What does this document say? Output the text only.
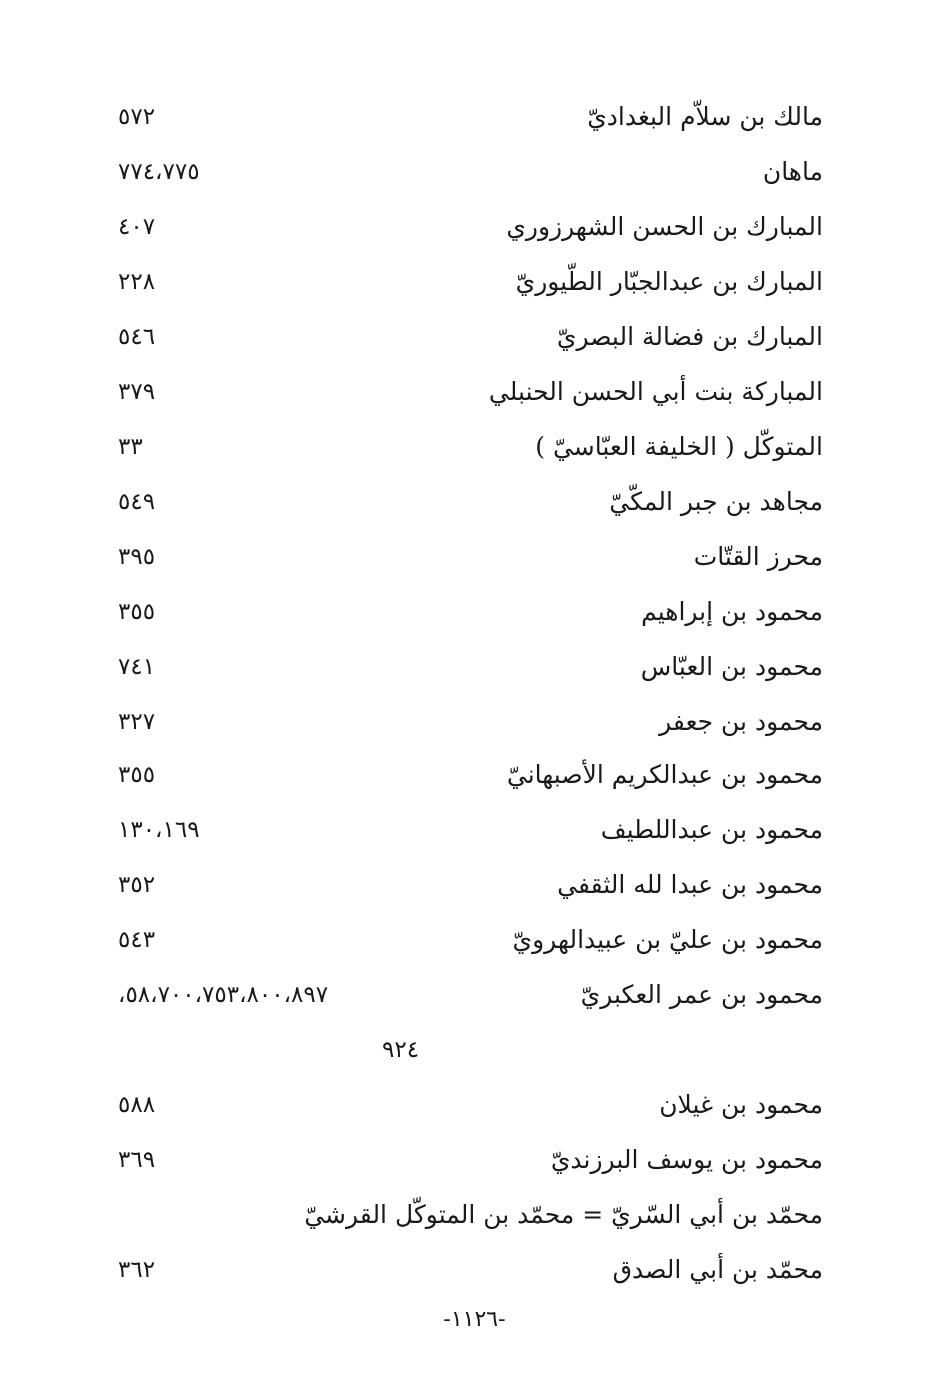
مالك بن سلاّم البغداديّ
٥٧٢
ماهان
٧٧٤،٧٧٥
المبارك بن الحسن الشهرزوري
٤٠٧
المبارك بن عبدالجبّار الطّيوريّ
٢٢٨
المبارك بن فضالة البصريّ
٥٤٦
المباركة بنت أبي الحسن الحنبلي
٣٧٩
المتوكّل ( الخليفة العبّاسيّ )
٣٣
مجاهد بن جبر المكّيّ
٥٤٩
محرز القتّات
٣٩٥
محمود بن إبراهيم
٣٥٥
محمود بن العبّاس
٧٤١
محمود بن جعفر
٣٢٧
محمود بن عبدالكريم الأصبهانيّ
٣٥٥
محمود بن عبداللطيف
١٣٠،١٦٩
محمود بن عبدا لله الثقفي
٣٥٢
محمود بن عليّ بن عبيدالهرويّ
٥٤٣
محمود بن عمر العكبريّ
٥٨،٧٠٠،٧٥٣،٨٠٠،٨٩٧،
٩٢٤
محمود بن غيلان
٥٨٨
محمود بن يوسف البرزنديّ
٣٦٩
محمّد بن أبي السّريّ = محمّد بن المتوكّل القرشيّ
محمّد بن أبي الصدق
٣٦٢
-١١٢٦-
